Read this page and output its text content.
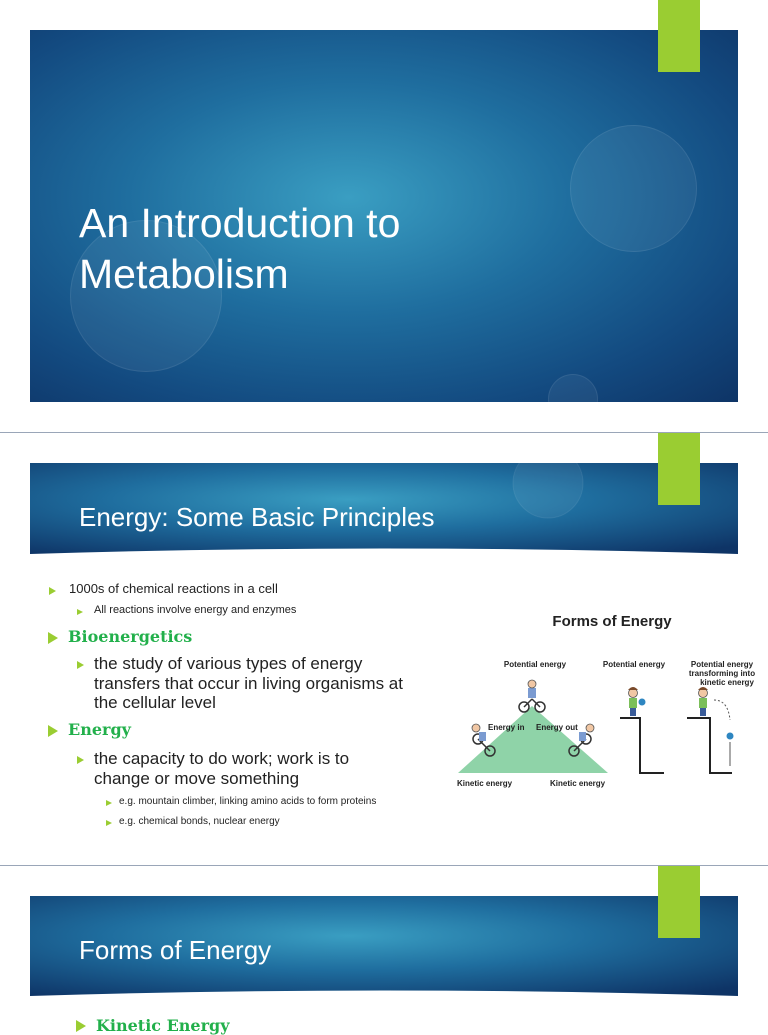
An Introduction to
Metabolism
Energy: Some Basic Principles
1000s of chemical reactions in a cell
All reactions involve energy and enzymes
Bioenergetics
the study of various types of energy
transfers that occur in living organisms at
the cellular level
Energy
the capacity to do work; work is to
change or move something
e.g. mountain climber, linking amino acids to form proteins
e.g. chemical bonds, nuclear energy
Forms of Energy
Potential energy	Potential energy	Potential energy
transforming into
kinetic energy
Energy in Energy out
Kinetic energy	Kinetic energy
Forms of Energy
Kinetic Energy
